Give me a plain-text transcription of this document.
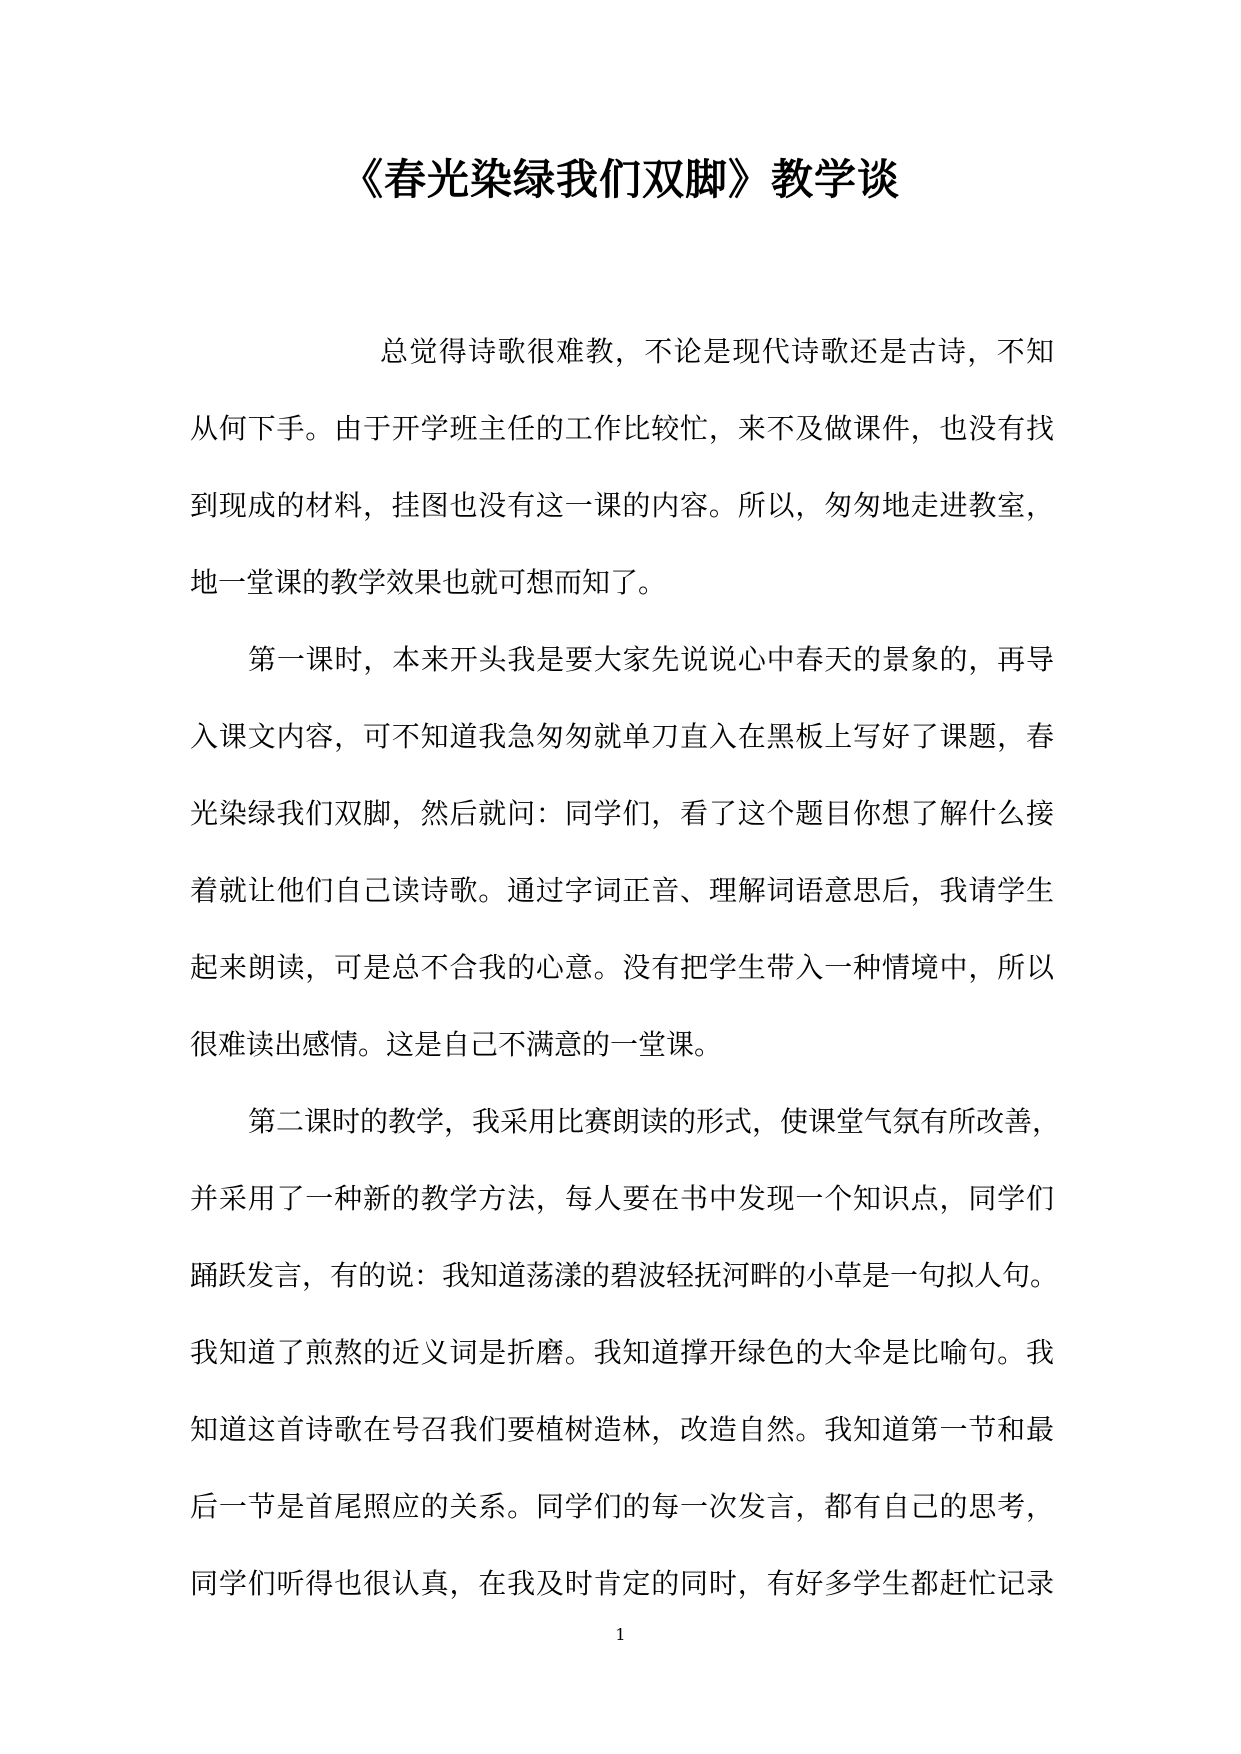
《春光染绿我们双脚》教学谈
总觉得诗歌很难教，不论是现代诗歌还是古诗，不知
从何下手。由于开学班主任的工作比较忙，来不及做课件，也没有找
到现成的材料，挂图也没有这一课的内容。所以，匆匆地走进教室，
地一堂课的教学效果也就可想而知了。
第一课时，本来开头我是要大家先说说心中春天的景象的，再导
入课文内容，可不知道我急匆匆就单刀直入在黑板上写好了课题，春
光染绿我们双脚，然后就问：同学们，看了这个题目你想了解什么接
着就让他们自己读诗歌。通过字词正音、理解词语意思后，我请学生
起来朗读，可是总不合我的心意。没有把学生带入一种情境中，所以
很难读出感情。这是自己不满意的一堂课。
第二课时的教学，我采用比赛朗读的形式，使课堂气氛有所改善，
并采用了一种新的教学方法，每人要在书中发现一个知识点，同学们
踊跃发言，有的说：我知道荡漾的碧波轻抚河畔的小草是一句拟人句。
我知道了煎熬的近义词是折磨。我知道撑开绿色的大伞是比喻句。我
知道这首诗歌在号召我们要植树造林，改造自然。我知道第一节和最
后一节是首尾照应的关系。同学们的每一次发言，都有自己的思考，
同学们听得也很认真，在我及时肯定的同时，有好多学生都赶忙记录
1
